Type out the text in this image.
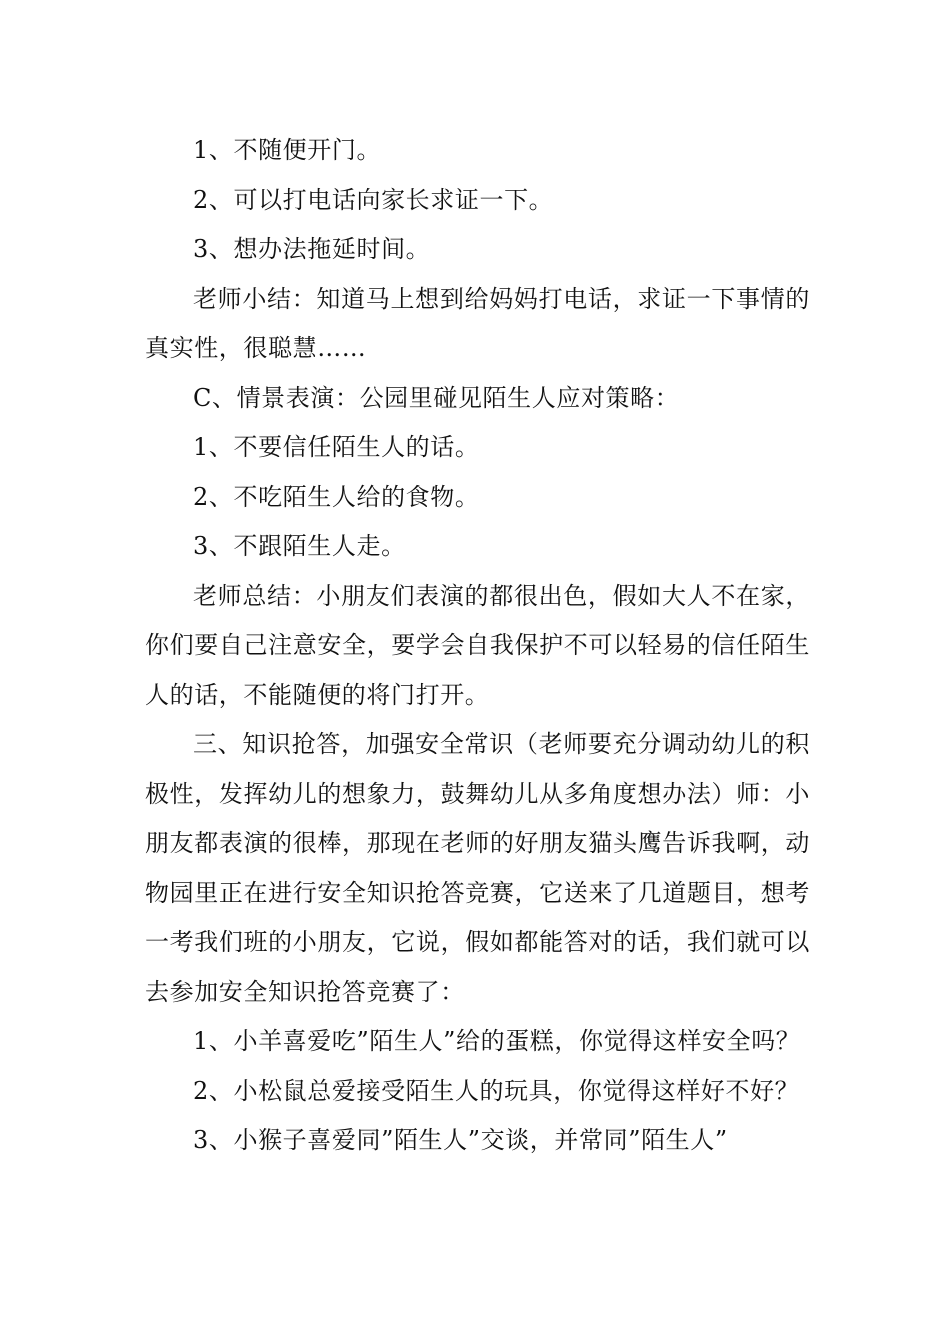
1、不随便开门。

2、可以打电话向家长求证一下。

3、想办法拖延时间。

老师小结：知道马上想到给妈妈打电话，求证一下事情的真实性，很聪慧……

C、情景表演：公园里碰见陌生人应对策略：

1、不要信任陌生人的话。

2、不吃陌生人给的食物。

3、不跟陌生人走。

老师总结：小朋友们表演的都很出色，假如大人不在家，你们要自己注意安全，要学会自我保护不可以轻易的信任陌生人的话，不能随便的将门打开。

三、知识抢答，加强安全常识（老师要充分调动幼儿的积极性，发挥幼儿的想象力，鼓舞幼儿从多角度想办法）师：小朋友都表演的很棒，那现在老师的好朋友猫头鹰告诉我啊，动物园里正在进行安全知识抢答竞赛，它送来了几道题目，想考一考我们班的小朋友，它说，假如都能答对的话，我们就可以去参加安全知识抢答竞赛了：

1、小羊喜爱吃”陌生人”给的蛋糕，你觉得这样安全吗？

2、小松鼠总爱接受陌生人的玩具，你觉得这样好不好？

3、小猴子喜爱同”陌生人”交谈，并常同”陌生人”
